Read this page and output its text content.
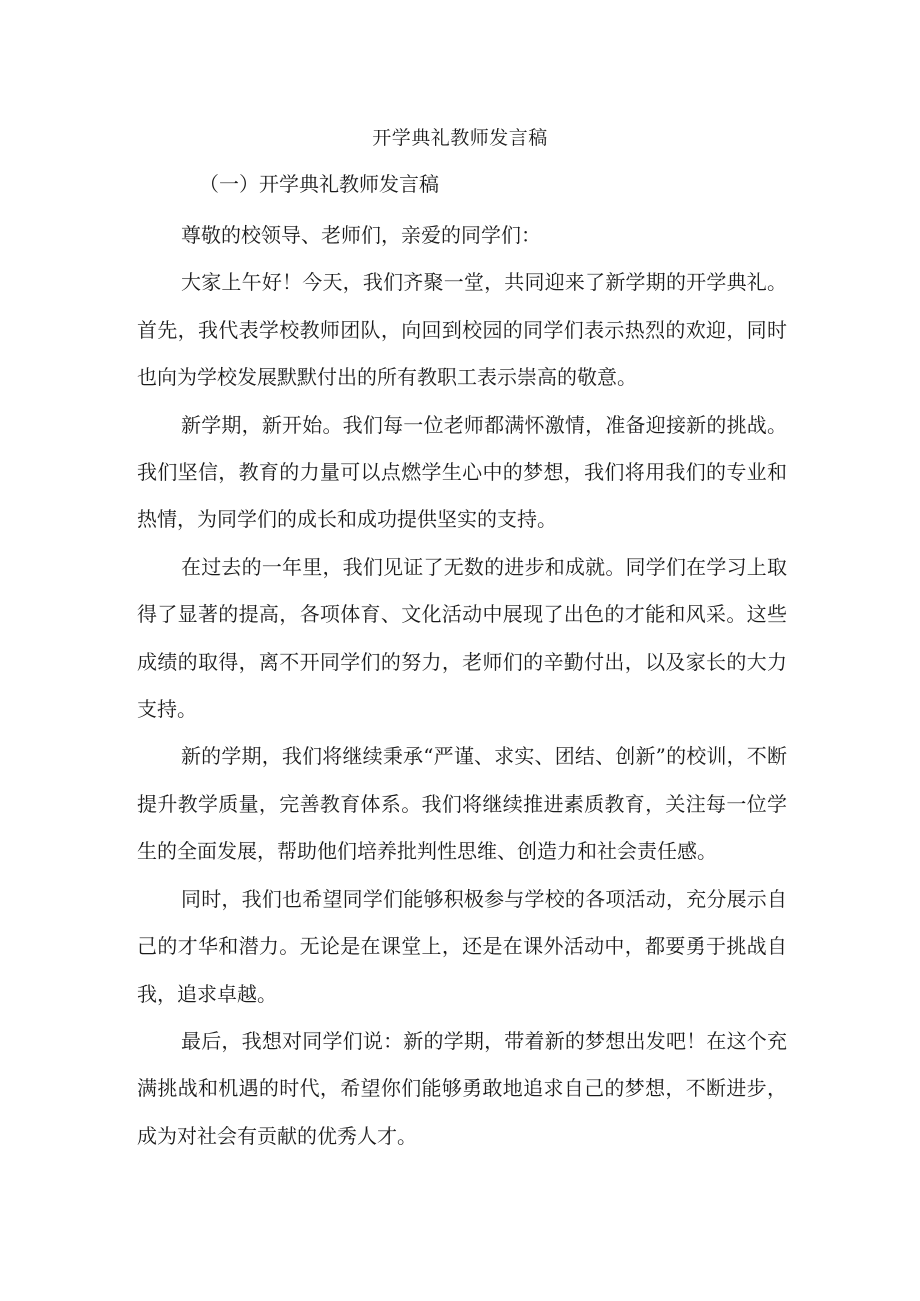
开学典礼教师发言稿
（一）开学典礼教师发言稿

尊敬的校领导、老师们，亲爱的同学们：

大家上午好！今天，我们齐聚一堂，共同迎来了新学期的开学典礼。首先，我代表学校教师团队，向回到校园的同学们表示热烈的欢迎，同时也向为学校发展默默付出的所有教职工表示崇高的敬意。

新学期，新开始。我们每一位老师都满怀激情，准备迎接新的挑战。我们坚信，教育的力量可以点燃学生心中的梦想，我们将用我们的专业和热情，为同学们的成长和成功提供坚实的支持。

在过去的一年里，我们见证了无数的进步和成就。同学们在学习上取得了显著的提高，各项体育、文化活动中展现了出色的才能和风采。这些成绩的取得，离不开同学们的努力，老师们的辛勤付出，以及家长的大力支持。

新的学期，我们将继续秉承“严谨、求实、团结、创新”的校训，不断提升教学质量，完善教育体系。我们将继续推进素质教育，关注每一位学生的全面发展，帮助他们培养批判性思维、创造力和社会责任感。

同时，我们也希望同学们能够积极参与学校的各项活动，充分展示自己的才华和潜力。无论是在课堂上，还是在课外活动中，都要勇于挑战自我，追求卓越。

最后，我想对同学们说：新的学期，带着新的梦想出发吧！在这个充满挑战和机遇的时代，希望你们能够勇敢地追求自己的梦想，不断进步，成为对社会有贡献的优秀人才。
